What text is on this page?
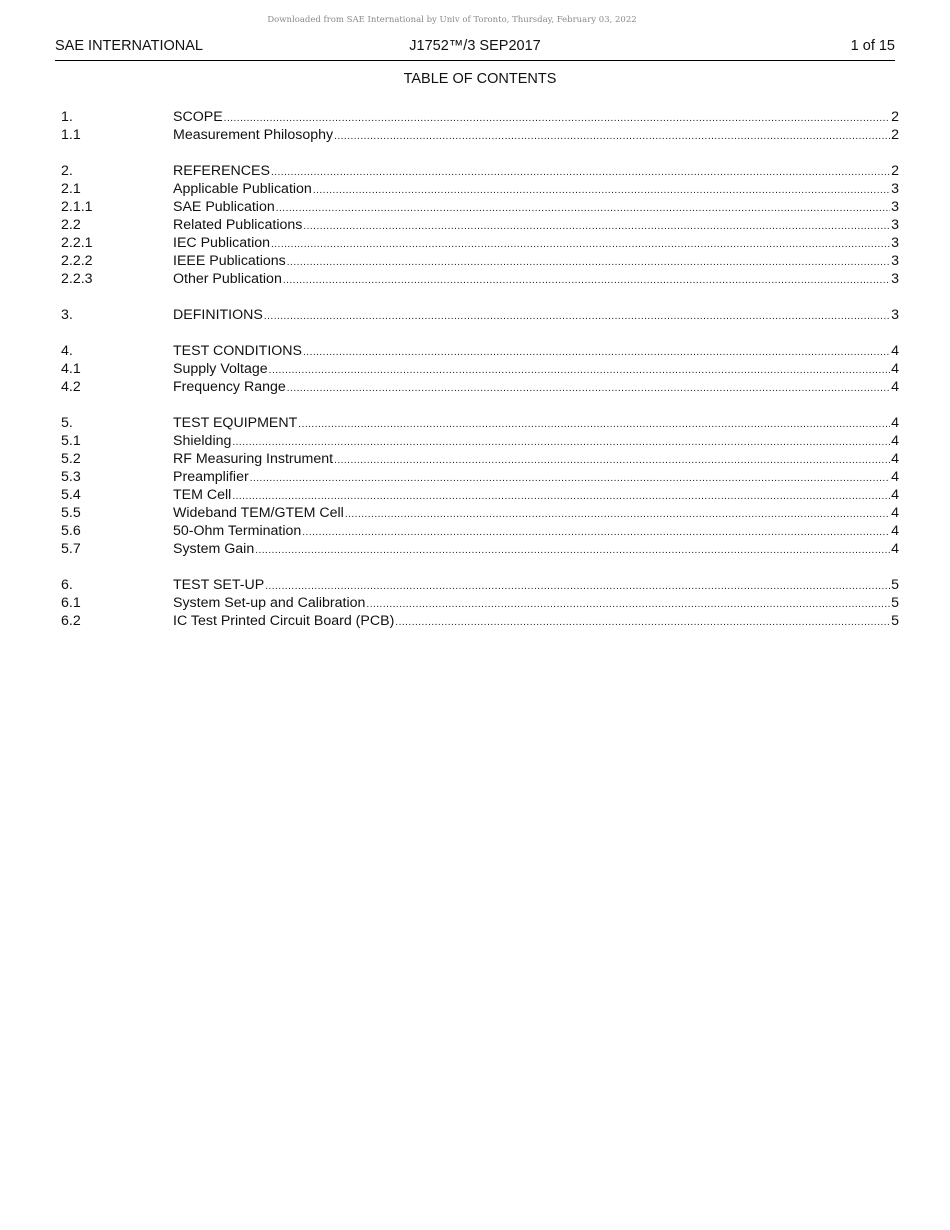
Downloaded from SAE International by Univ of Toronto, Thursday, February 03, 2022
SAE INTERNATIONAL	J1752™/3 SEP2017	1 of 15
TABLE OF CONTENTS
1.	SCOPE .....	2
1.1	Measurement Philosophy .....	2
2.	REFERENCES .....	2
2.1	Applicable Publication .....	3
2.1.1	SAE Publication .....	3
2.2	Related Publications .....	3
2.2.1	IEC Publication .....	3
2.2.2	IEEE Publications .....	3
2.2.3	Other Publication .....	3
3.	DEFINITIONS .....	3
4.	TEST CONDITIONS .....	4
4.1	Supply Voltage .....	4
4.2	Frequency Range .....	4
5.	TEST EQUIPMENT .....	4
5.1	Shielding .....	4
5.2	RF Measuring Instrument .....	4
5.3	Preamplifier .....	4
5.4	TEM Cell .....	4
5.5	Wideband TEM/GTEM Cell .....	4
5.6	50-Ohm Termination .....	4
5.7	System Gain .....	4
6.	TEST SET-UP .....	5
6.1	System Set-up and Calibration .....	5
6.2	IC Test Printed Circuit Board (PCB) .....	5
